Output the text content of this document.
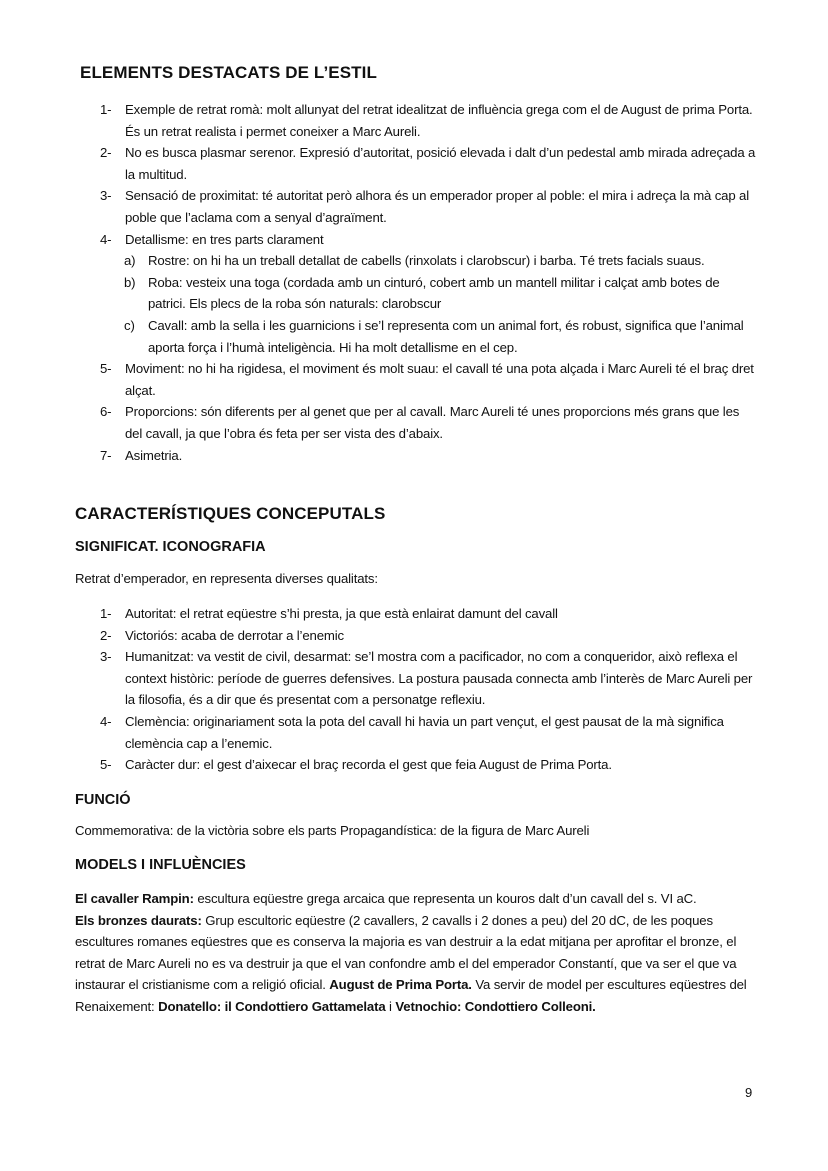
ELEMENTS DESTACATS DE L’ESTIL
1-	Exemple de retrat romà: molt allunyat del retrat idealitzat de influència grega com el de August de prima Porta. És un retrat realista i permet coneixer a Marc Aureli.
2-	No es busca plasmar serenor. Expresió d’autoritat, posició elevada i dalt d’un pedestal amb mirada adreçada a la multitud.
3-	Sensació de proximitat: té autoritat però alhora és un emperador proper al poble: el mira i adreça la mà cap al poble que l’aclama com a senyal d’agraïment.
4-	Detallisme: en tres parts clarament
a) Rostre: on hi ha un treball detallat de cabells (rinxolats i clarobscur) i barba. Té trets facials suaus.
b) Roba: vesteix una toga (cordada amb un cinturó, cobert amb un mantell militar i calçat amb botes de patrici. Els plecs de la roba són naturals: clarobscur
c)	Cavall: amb la sella i les guarnicions i se’l representa com un animal fort, és robust, significa que l’animal aporta força i l’humà inteligència. Hi ha molt detallisme en el cep.
5-	Moviment: no hi ha rigidesa, el moviment és molt suau: el cavall té una pota alçada i Marc Aureli té el braç dret alçat.
6-	Proporcions: són diferents per al genet que per al cavall. Marc Aureli té unes proporcions més grans que les del cavall, ja que l’obra és feta per ser vista des d’abaix.
7-	Asimetria.
CARACTERÍSTIQUES CONCEPUTALS
SIGNIFICAT. ICONOGRAFIA
Retrat d’emperador, en representa diverses qualitats:
1-	Autoritat: el retrat eqüestre s’hi presta, ja que està enlairat damunt del cavall
2-	Victoriós: acaba de derrotar a l’enemic
3-	Humanitzat: va vestit de civil, desarmat: se’l mostra com a pacificador, no com a conqueridor, això reflexa el context històric: període de guerres defensives. La postura pausada connecta amb l’interès de Marc Aureli per la filosofia, és a dir que és presentat com a personatge reflexiu.
4-	Clemència: originariament sota la pota del cavall hi havia un part vençut, el gest pausat de la mà significa clemència cap a l’enemic.
5-	Caràcter dur: el gest d’aixecar el braç recorda el gest que feia August de Prima Porta.
FUNCIÓ
Commemorativa: de la victòria sobre els parts Propagandística: de la figura de Marc Aureli
MODELS I INFLUÈNCIES
El cavaller Rampin: escultura eqüestre grega arcaica que representa un kouros dalt d’un cavall del s. VI aC.
Els bronzes daurats: Grup escultoric eqüestre (2 cavallers, 2 cavalls i 2 dones a peu) del 20 dC, de les poques escultures romanes eqüestres que es conserva la majoria es van destruir a la edat mitjana per aprofitar el bronze, el retrat de Marc Aureli no es va destruir ja que el van confondre amb el del emperador Constantí, que va ser el que va instaurar el cristianisme com a religió oficial. August de Prima Porta. Va servir de model per escultures eqüestres del Renaixement: Donatello: il Condottiero Gattamelata i Vetnochio: Condottiero Colleoni.
9
